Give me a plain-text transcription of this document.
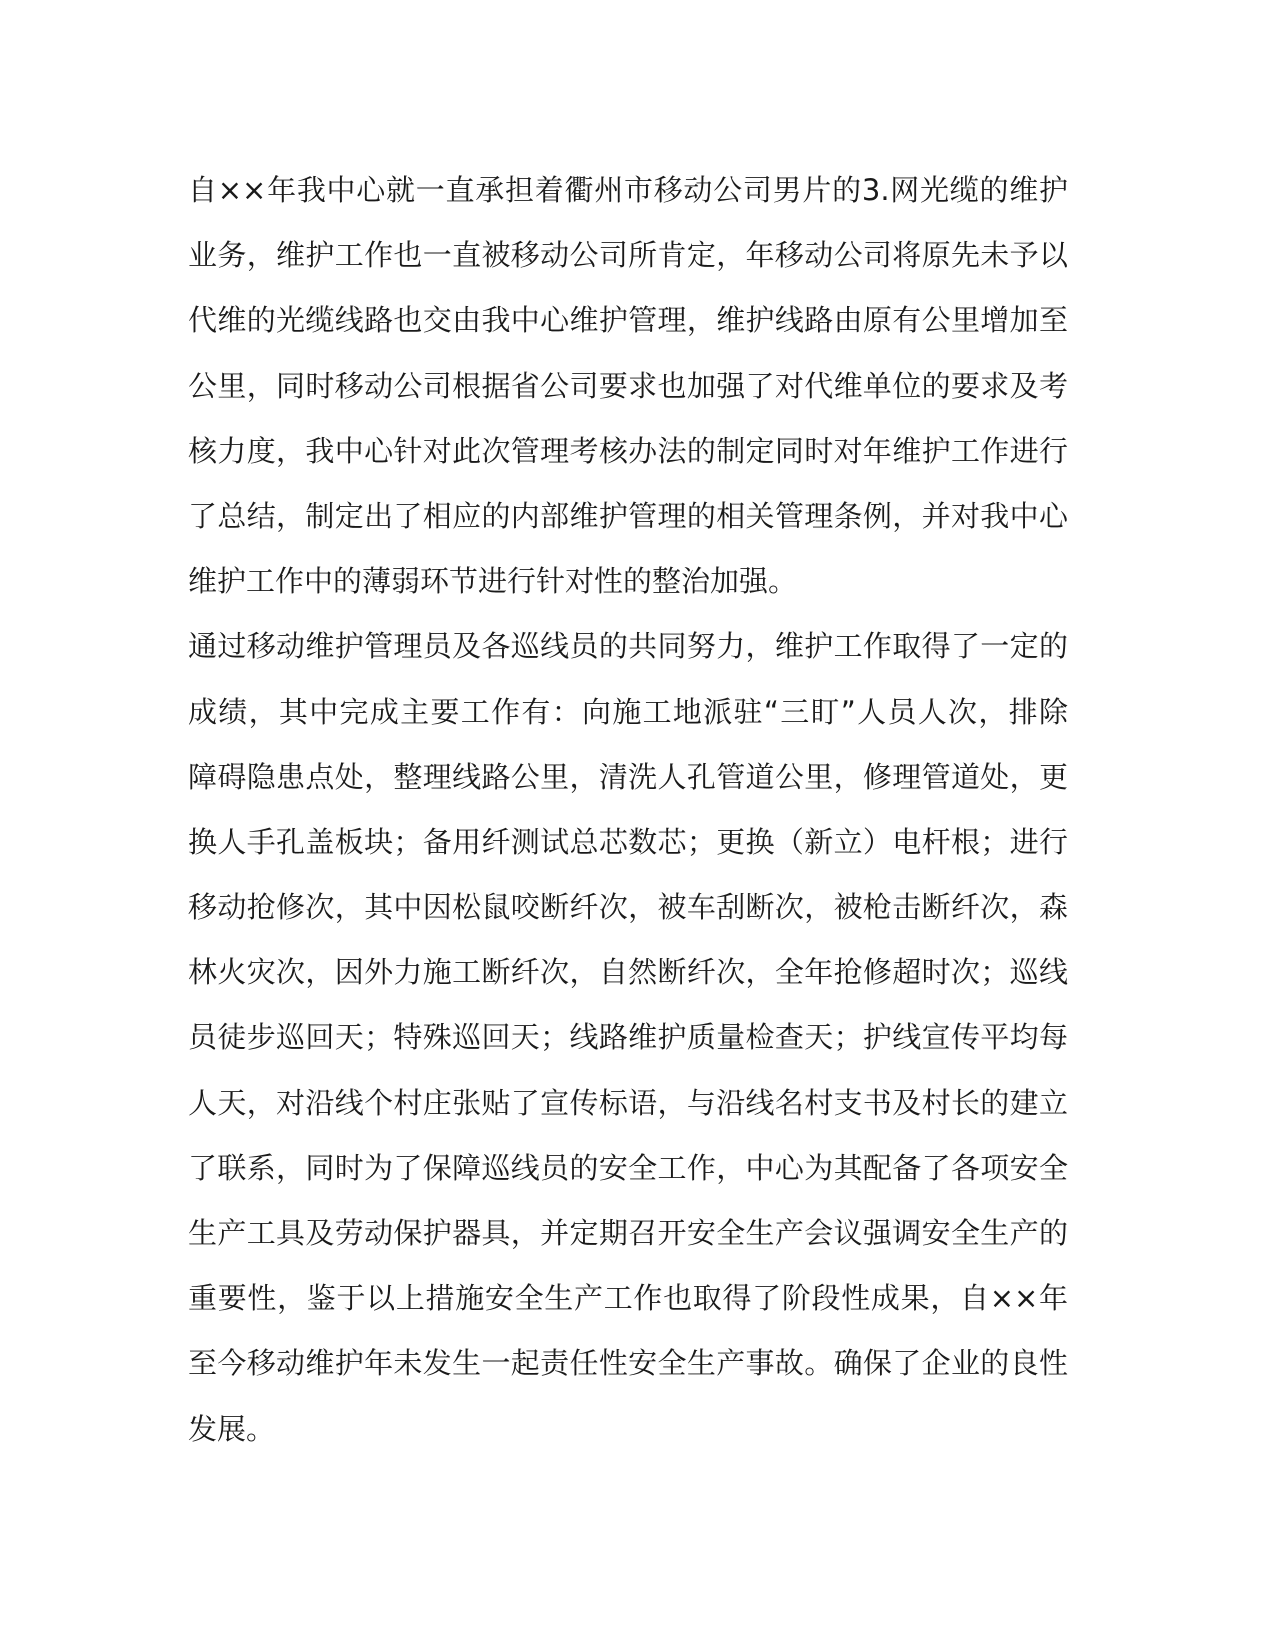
自××年我中心就一直承担着衢州市移动公司男片的3.网光缆的维护
业务，维护工作也一直被移动公司所肯定，年移动公司将原先未予以
代维的光缆线路也交由我中心维护管理，维护线路由原有公里增加至
公里，同时移动公司根据省公司要求也加强了对代维单位的要求及考
核力度，我中心针对此次管理考核办法的制定同时对年维护工作进行
了总结，制定出了相应的内部维护管理的相关管理条例，并对我中心
维护工作中的薄弱环节进行针对性的整治加强。
通过移动维护管理员及各巡线员的共同努力，维护工作取得了一定的
成绩，其中完成主要工作有：向施工地派驻“三盯”人员人次，排除
障碍隐患点处，整理线路公里，清洗人孔管道公里，修理管道处，更
换人手孔盖板块；备用纤测试总芯数芯；更换（新立）电杆根；进行
移动抢修次，其中因松鼠咬断纤次，被车刮断次，被枪击断纤次，森
林火灾次，因外力施工断纤次，自然断纤次，全年抢修超时次；巡线
员徒步巡回天；特殊巡回天；线路维护质量检查天；护线宣传平均每
人天，对沿线个村庄张贴了宣传标语，与沿线名村支书及村长的建立
了联系，同时为了保障巡线员的安全工作，中心为其配备了各项安全
生产工具及劳动保护器具，并定期召开安全生产会议强调安全生产的
重要性，鉴于以上措施安全生产工作也取得了阶段性成果，自××年
至今移动维护年未发生一起责任性安全生产事故。确保了企业的良性
发展。
